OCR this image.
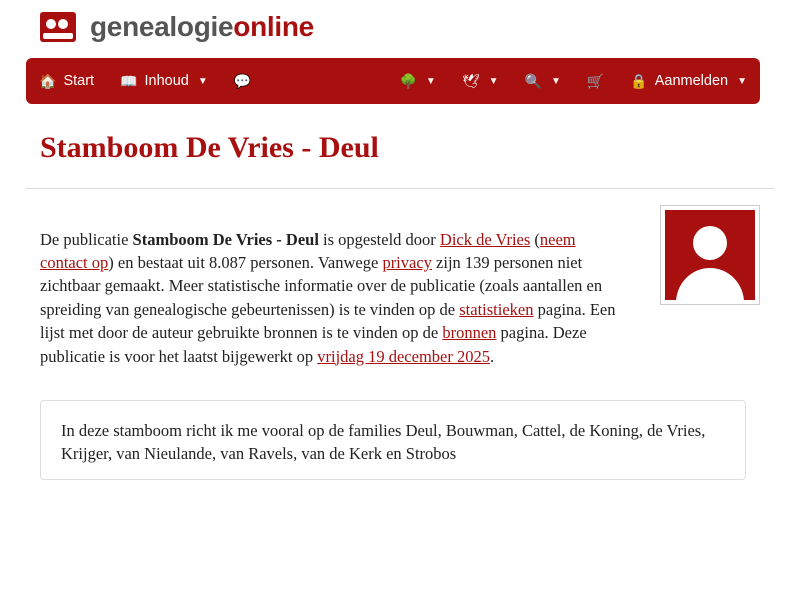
genealogieonline
🏠 Start 📖 Inhoud ▼ 💬	🌳 ▼ 🕊 ▼ 🔍 ▼ 🛒 🔒 Aanmelden ▼
Stamboom De Vries - Deul

De publicatie Stamboom De Vries - Deul is opgesteld door Dick de Vries (neem contact op) en bestaat uit 8.087 personen. Vanwege privacy zijn 139 personen niet zichtbaar gemaakt. Meer statistische informatie over de publicatie (zoals aantallen en spreiding van genealogische gebeurtenissen) is te vinden op de statistieken pagina. Een lijst met door de auteur gebruikte bronnen is te vinden op de bronnen pagina. Deze publicatie is voor het laatst bijgewerkt op vrijdag 19 december 2025.

In deze stamboom richt ik me vooral op de families Deul, Bouwman, Cattel, de Koning, de Vries, Krijger, van Nieulande, van Ravels, van de Kerk en Strobos
